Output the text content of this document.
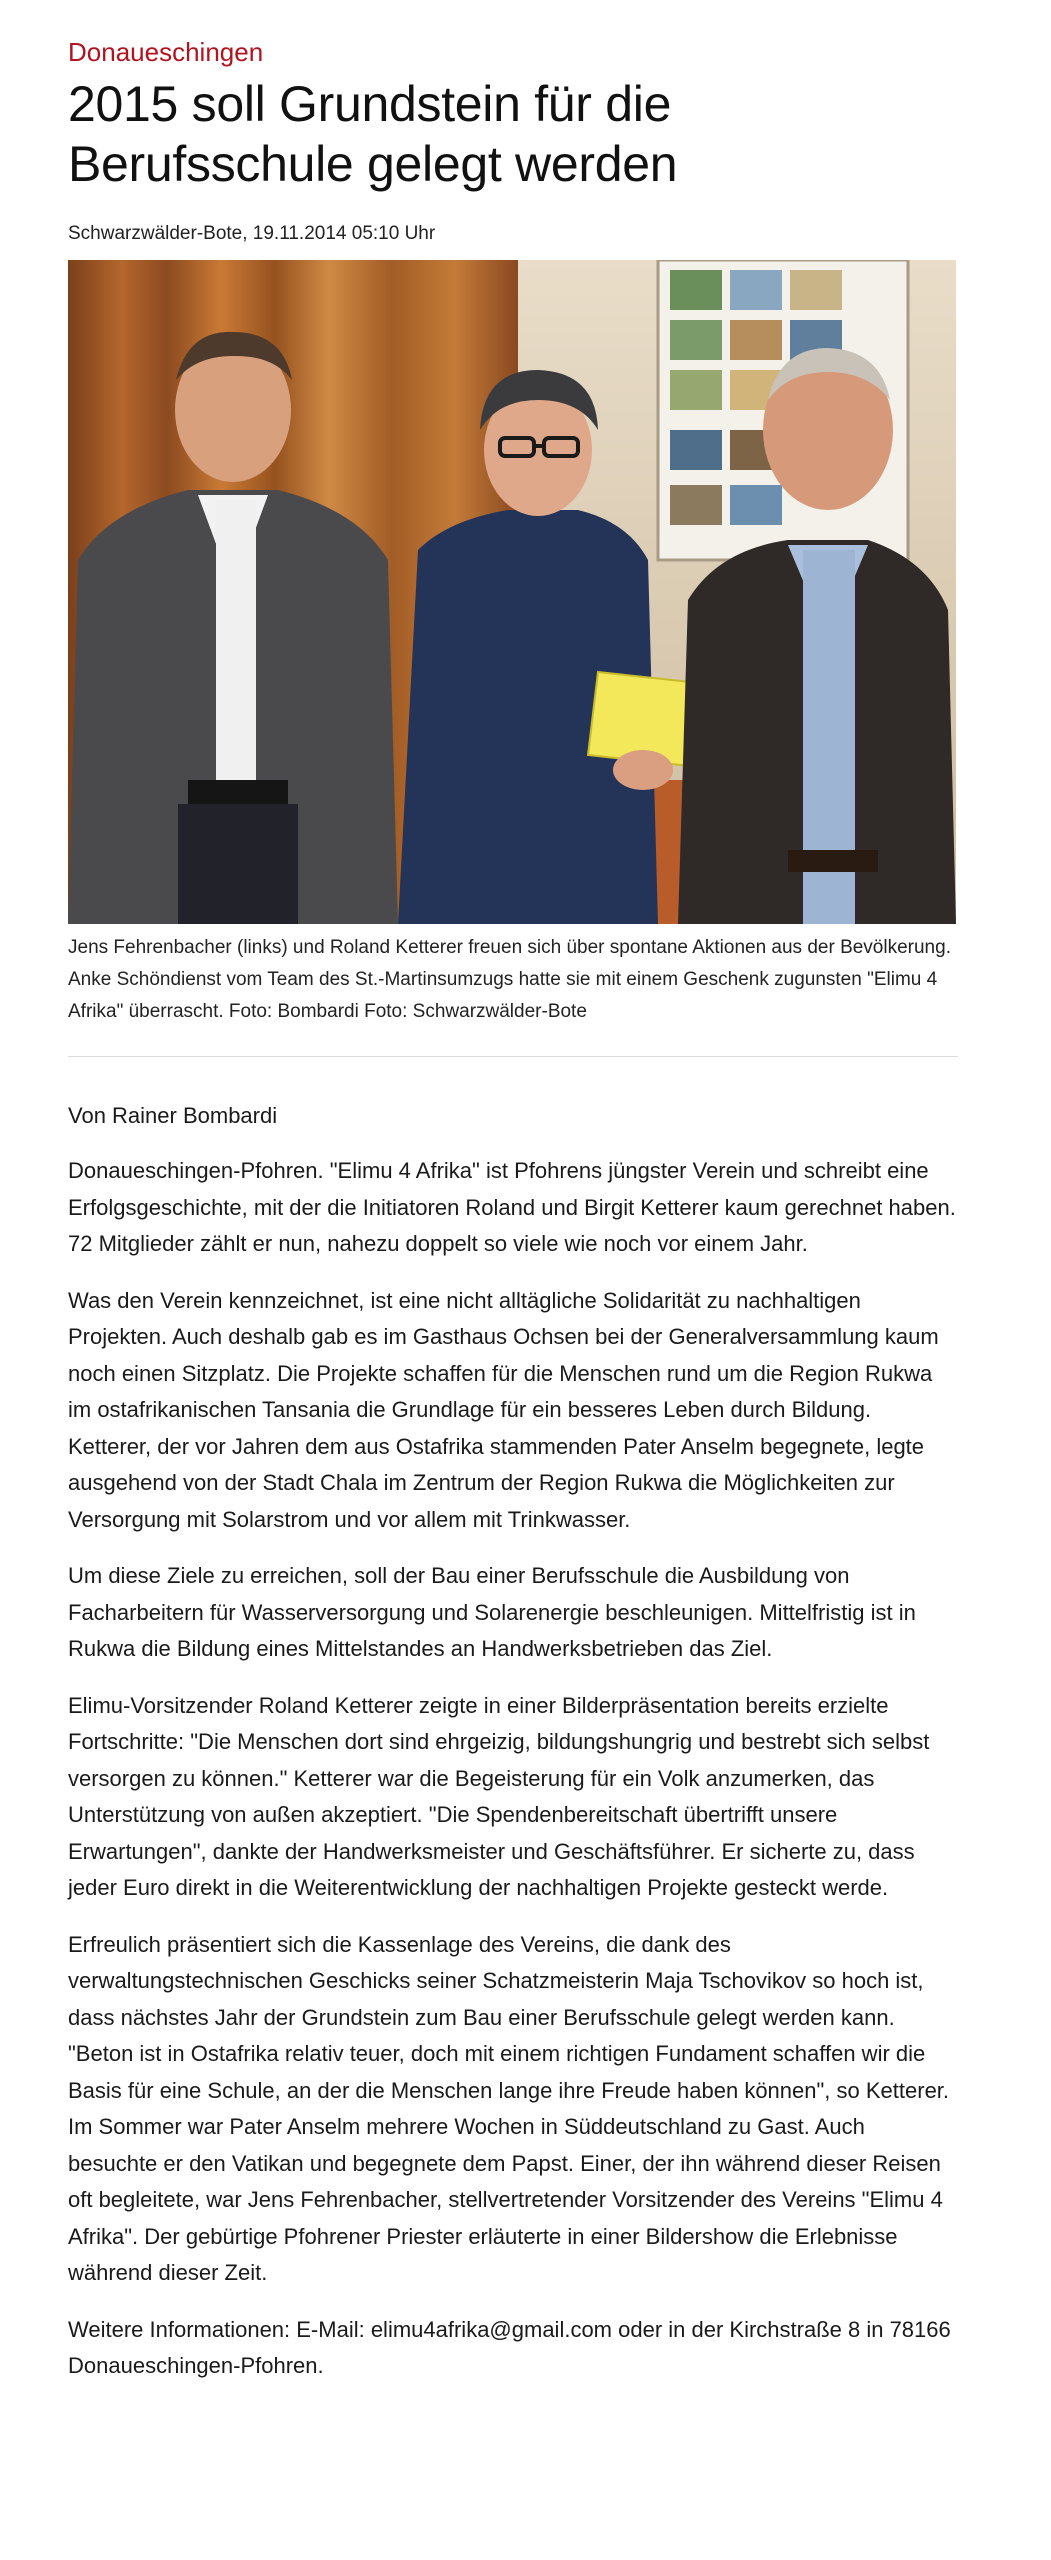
Donaueschingen
2015 soll Grundstein für die Berufsschule gelegt werden
Schwarzwälder-Bote, 19.11.2014 05:10 Uhr
Jens Fehrenbacher (links) und Roland Ketterer freuen sich über spontane Aktionen aus der Bevölkerung. Anke Schöndienst vom Team des St.-Martinsumzugs hatte sie mit einem Geschenk zugunsten "Elimu 4 Afrika" überrascht. Foto: Bombardi Foto: Schwarzwälder-Bote
Von Rainer Bombardi

Donaueschingen-Pfohren. "Elimu 4 Afrika" ist Pfohrens jüngster Verein und schreibt eine Erfolgsgeschichte, mit der die Initiatoren Roland und Birgit Ketterer kaum gerechnet haben. 72 Mitglieder zählt er nun, nahezu doppelt so viele wie noch vor einem Jahr.

Was den Verein kennzeichnet, ist eine nicht alltägliche Solidarität zu nachhaltigen Projekten. Auch deshalb gab es im Gasthaus Ochsen bei der Generalversammlung kaum noch einen Sitzplatz. Die Projekte schaffen für die Menschen rund um die Region Rukwa im ostafrikanischen Tansania die Grundlage für ein besseres Leben durch Bildung. Ketterer, der vor Jahren dem aus Ostafrika stammenden Pater Anselm begegnete, legte ausgehend von der Stadt Chala im Zentrum der Region Rukwa die Möglichkeiten zur Versorgung mit Solarstrom und vor allem mit Trinkwasser.

Um diese Ziele zu erreichen, soll der Bau einer Berufsschule die Ausbildung von Facharbeitern für Wasserversorgung und Solarenergie beschleunigen. Mittelfristig ist in Rukwa die Bildung eines Mittelstandes an Handwerksbetrieben das Ziel.

Elimu-Vorsitzender Roland Ketterer zeigte in einer Bilderpräsentation bereits erzielte Fortschritte: "Die Menschen dort sind ehrgeizig, bildungshungrig und bestrebt sich selbst versorgen zu können." Ketterer war die Begeisterung für ein Volk anzumerken, das Unterstützung von außen akzeptiert. "Die Spendenbereitschaft übertrifft unsere Erwartungen", dankte der Handwerksmeister und Geschäftsführer. Er sicherte zu, dass jeder Euro direkt in die Weiterentwicklung der nachhaltigen Projekte gesteckt werde.

Erfreulich präsentiert sich die Kassenlage des Vereins, die dank des verwaltungstechnischen Geschicks seiner Schatzmeisterin Maja Tschovikov so hoch ist, dass nächstes Jahr der Grundstein zum Bau einer Berufsschule gelegt werden kann. "Beton ist in Ostafrika relativ teuer, doch mit einem richtigen Fundament schaffen wir die Basis für eine Schule, an der die Menschen lange ihre Freude haben können", so Ketterer. Im Sommer war Pater Anselm mehrere Wochen in Süddeutschland zu Gast. Auch besuchte er den Vatikan und begegnete dem Papst. Einer, der ihn während dieser Reisen oft begleitete, war Jens Fehrenbacher, stellvertretender Vorsitzender des Vereins "Elimu 4 Afrika". Der gebürtige Pfohrener Priester erläuterte in einer Bildershow die Erlebnisse während dieser Zeit.

Weitere Informationen: E-Mail: elimu4afrika@gmail.com oder in der Kirchstraße 8 in 78166 Donaueschingen-Pfohren.
